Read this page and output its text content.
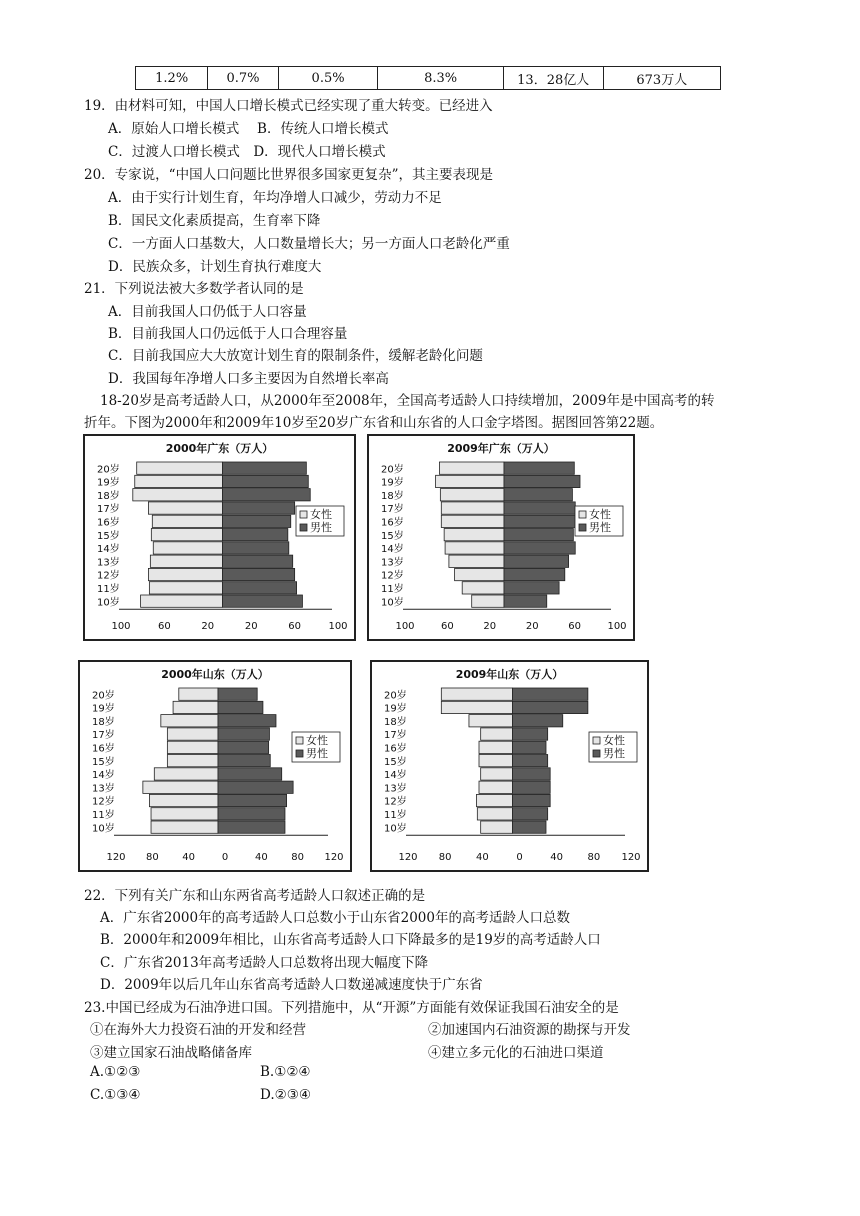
1.2%	0.7%	0.5%	8.3%	13．28亿人	673万人
19．由材料可知，中国人口增长模式已经实现了重大转变。已经进入
A．原始人口增长模式　 B．传统人口增长模式
C．过渡人口增长模式　D．现代人口增长模式
20．专家说，“中国人口问题比世界很多国家更复杂”，其主要表现是
A．由于实行计划生育，年均净增人口减少，劳动力不足
B．国民文化素质提高，生育率下降
C．一方面人口基数大，人口数量增长大；另一方面人口老龄化严重
D．民族众多，计划生育执行难度大
21．下列说法被大多数学者认同的是
A．目前我国人口仍低于人口容量
B．目前我国人口仍远低于人口合理容量
C．目前我国应大大放宽计划生育的限制条件，缓解老龄化问题
D．我国每年净增人口多主要因为自然增长率高
18-20岁是高考适龄人口，从2000年至2008年，全国高考适龄人口持续增加，2009年是中国高考的转
折年。下图为2000年和2009年10岁至20岁广东省和山东省的人口金字塔图。据图回答第22题。
2000年广东（万人）
20岁
19岁
18岁
17岁
16岁
15岁
14岁
13岁
12岁
11岁
10岁
100	60	20	20	60	100
女性
男性
2009年广东（万人）
20岁
19岁
18岁
17岁
16岁
15岁
14岁
13岁
12岁
11岁
10岁
100	60	20	20	60	100
女性
男性
2000年山东（万人）
20岁
19岁
18岁
17岁
16岁
15岁
14岁
13岁
12岁
11岁
10岁
120 80 40	0	40 80 120
女性
男性
2009年山东（万人）
20岁
19岁
18岁
17岁
16岁
15岁
14岁
13岁
12岁
11岁
10岁
120 80 40	0	40 80 120
女性
男性
22．下列有关广东和山东两省高考适龄人口叙述正确的是
A．广东省2000年的高考适龄人口总数小于山东省2000年的高考适龄人口总数
B．2000年和2009年相比，山东省高考适龄人口下降最多的是19岁的高考适龄人口
C．广东省2013年高考适龄人口总数将出现大幅度下降
D．2009年以后几年山东省高考适龄人口数递减速度快于广东省
23.中国已经成为石油净进口国。下列措施中，从“开源”方面能有效保证我国石油安全的是
①在海外大力投资石油的开发和经营	②加速国内石油资源的勘探与开发
③建立国家石油战略储备库	④建立多元化的石油进口渠道
A.①②③	B.①②④
C.①③④	D.②③④
